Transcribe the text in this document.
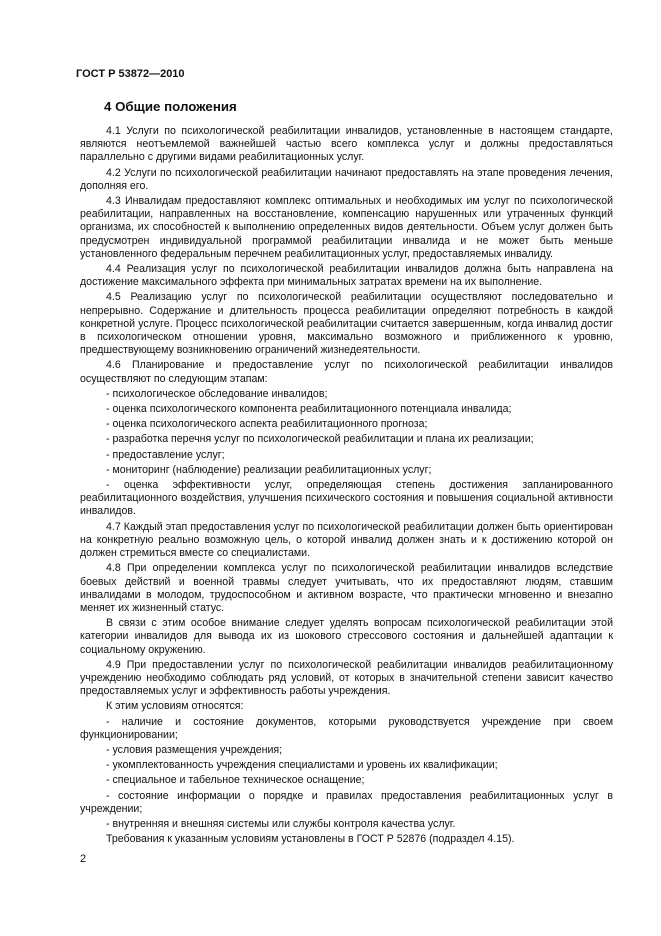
ГОСТ Р 53872—2010
4 Общие положения

4.1 Услуги по психологической реабилитации инвалидов, установленные в настоящем стандарте, являются неотъемлемой важнейшей частью всего комплекса услуг и должны предоставляться параллельно с другими видами реабилитационных услуг.

4.2 Услуги по психологической реабилитации начинают предоставлять на этапе проведения лечения, дополняя его.

4.3 Инвалидам предоставляют комплекс оптимальных и необходимых им услуг по психологической реабилитации, направленных на восстановление, компенсацию нарушенных или утраченных функций организма, их способностей к выполнению определенных видов деятельности. Объем услуг должен быть предусмотрен индивидуальной программой реабилитации инвалида и не может быть меньше установленного федеральным перечнем реабилитационных услуг, предоставляемых инвалиду.

4.4 Реализация услуг по психологической реабилитации инвалидов должна быть направлена на достижение максимального эффекта при минимальных затратах времени на их выполнение.

4.5 Реализацию услуг по психологической реабилитации осуществляют последовательно и непрерывно. Содержание и длительность процесса реабилитации определяют потребность в каждой конкретной услуге. Процесс психологической реабилитации считается завершенным, когда инвалид достиг в психологическом отношении уровня, максимально возможного и приближенного к уровню, предшествующему возникновению ограничений жизнедеятельности.

4.6 Планирование и предоставление услуг по психологической реабилитации инвалидов осуществляют по следующим этапам:

- психологическое обследование инвалидов;

- оценка психологического компонента реабилитационного потенциала инвалида;

- оценка психологического аспекта реабилитационного прогноза;

- разработка перечня услуг по психологической реабилитации и плана их реализации;

- предоставление услуг;

- мониторинг (наблюдение) реализации реабилитационных услуг;

- оценка эффективности услуг, определяющая степень достижения запланированного реабилитационного воздействия, улучшения психического состояния и повышения социальной активности инвалидов.

4.7 Каждый этап предоставления услуг по психологической реабилитации должен быть ориентирован на конкретную реально возможную цель, о которой инвалид должен знать и к достижению которой он должен стремиться вместе со специалистами.

4.8 При определении комплекса услуг по психологической реабилитации инвалидов вследствие боевых действий и военной травмы следует учитывать, что их предоставляют людям, ставшим инвалидами в молодом, трудоспособном и активном возрасте, что практически мгновенно и внезапно меняет их жизненный статус.

В связи с этим особое внимание следует уделять вопросам психологической реабилитации этой категории инвалидов для вывода их из шокового стрессового состояния и дальнейшей адаптации к социальному окружению.

4.9 При предоставлении услуг по психологической реабилитации инвалидов реабилитационному учреждению необходимо соблюдать ряд условий, от которых в значительной степени зависит качество предоставляемых услуг и эффективность работы учреждения.

К этим условиям относятся:

- наличие и состояние документов, которыми руководствуется учреждение при своем функционировании;

- условия размещения учреждения;

- укомплектованность учреждения специалистами и уровень их квалификации;

- специальное и табельное техническое оснащение;

- состояние информации о порядке и правилах предоставления реабилитационных услуг в учреждении;

- внутренняя и внешняя системы или службы контроля качества услуг.

Требования к указанным условиям установлены в ГОСТ Р 52876 (подраздел 4.15).

2
